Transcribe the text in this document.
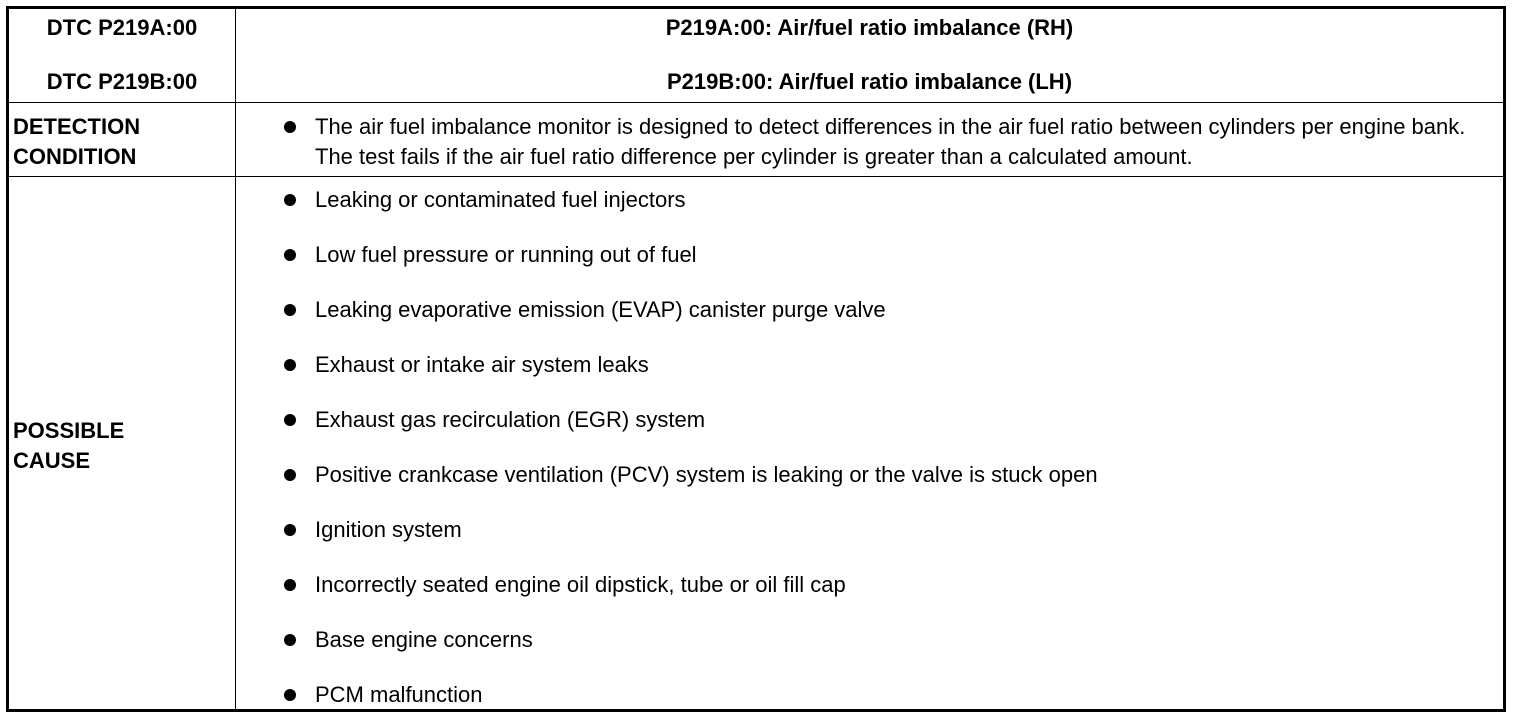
DTC P219A:00
DTC P219B:00
P219A:00: Air/fuel ratio imbalance (RH)
P219B:00: Air/fuel ratio imbalance (LH)
DETECTION
CONDITION
The air fuel imbalance monitor is designed to detect differences in the air fuel ratio between cylinders per engine bank. The test fails if the air fuel ratio difference per cylinder is greater than a calculated amount.
POSSIBLE
CAUSE
Leaking or contaminated fuel injectors
Low fuel pressure or running out of fuel
Leaking evaporative emission (EVAP) canister purge valve
Exhaust or intake air system leaks
Exhaust gas recirculation (EGR) system
Positive crankcase ventilation (PCV) system is leaking or the valve is stuck open
Ignition system
Incorrectly seated engine oil dipstick, tube or oil fill cap
Base engine concerns
PCM malfunction
